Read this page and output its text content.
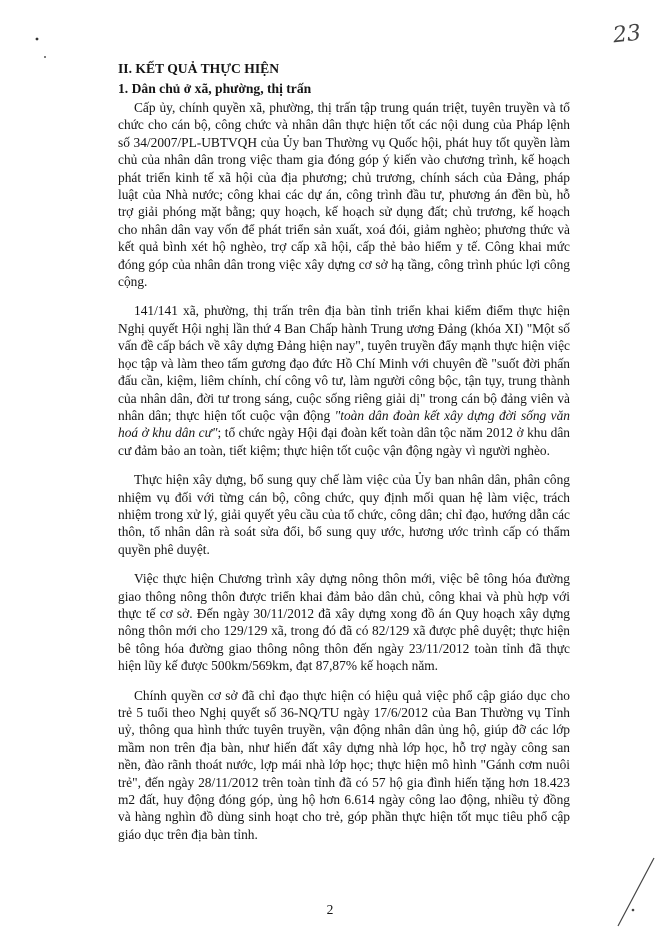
23
II. KẾT QUẢ THỰC HIỆN
1. Dân chủ ở xã, phường, thị trấn

Cấp ủy, chính quyền xã, phường, thị trấn tập trung quán triệt, tuyên truyền và tổ chức cho cán bộ, công chức và nhân dân thực hiện tốt các nội dung của Pháp lệnh số 34/2007/PL-UBTVQH của Ủy ban Thường vụ Quốc hội, phát huy tốt quyền làm chủ của nhân dân trong việc tham gia đóng góp ý kiến vào chương trình, kế hoạch phát triển kinh tế xã hội của địa phương; chủ trương, chính sách của Đảng, pháp luật của Nhà nước; công khai các dự án, công trình đầu tư, phương án đền bù, hỗ trợ giải phóng mặt bằng; quy hoạch, kế hoạch sử dụng đất; chủ trương, kế hoạch cho nhân dân vay vốn để phát triển sản xuất, xoá đói, giảm nghèo; phương thức và kết quả bình xét hộ nghèo, trợ cấp xã hội, cấp thẻ bảo hiểm y tế. Công khai mức đóng góp của nhân dân trong việc xây dựng cơ sở hạ tầng, công trình phúc lợi công cộng.

141/141 xã, phường, thị trấn trên địa bàn tỉnh triển khai kiểm điểm thực hiện Nghị quyết Hội nghị lần thứ 4 Ban Chấp hành Trung ương Đảng (khóa XI) "Một số vấn đề cấp bách về xây dựng Đảng hiện nay", tuyên truyền đẩy mạnh thực hiện việc học tập và làm theo tấm gương đạo đức Hồ Chí Minh với chuyên đề "suốt đời phấn đấu cần, kiệm, liêm chính, chí công vô tư, làm người công bộc, tận tụy, trung thành của nhân dân, đời tư trong sáng, cuộc sống riêng giải dị" trong cán bộ đảng viên và nhân dân; thực hiện tốt cuộc vận động "toàn dân đoàn kết xây dựng đời sống văn hoá ở khu dân cư"; tổ chức ngày Hội đại đoàn kết toàn dân tộc năm 2012 ở khu dân cư đảm bảo an toàn, tiết kiệm; thực hiện tốt cuộc vận động ngày vì người nghèo.

Thực hiện xây dựng, bổ sung quy chế làm việc của Ủy ban nhân dân, phân công nhiệm vụ đối với từng cán bộ, công chức, quy định mối quan hệ làm việc, trách nhiệm trong xử lý, giải quyết yêu cầu của tổ chức, công dân; chỉ đạo, hướng dẫn các thôn, tổ nhân dân rà soát sửa đổi, bổ sung quy ước, hương ước trình cấp có thẩm quyền phê duyệt.

Việc thực hiện Chương trình xây dựng nông thôn mới, việc bê tông hóa đường giao thông nông thôn được triển khai đảm bảo dân chủ, công khai và phù hợp với thực tế cơ sở. Đến ngày 30/11/2012 đã xây dựng xong đồ án Quy hoạch xây dựng nông thôn mới cho 129/129 xã, trong đó đã có 82/129 xã được phê duyệt; thực hiện bê tông hóa đường giao thông nông thôn đến ngày 23/11/2012 toàn tỉnh đã thực hiện lũy kế được 500km/569km, đạt 87,87% kế hoạch năm.

Chính quyền cơ sở đã chỉ đạo thực hiện có hiệu quả việc phổ cập giáo dục cho trẻ 5 tuổi theo Nghị quyết số 36-NQ/TU ngày 17/6/2012 của Ban Thường vụ Tỉnh uỷ, thông qua hình thức tuyên truyền, vận động nhân dân ủng hộ, giúp đỡ các lớp mầm non trên địa bàn, như hiến đất xây dựng nhà lớp học, hỗ trợ ngày công san nền, đào rãnh thoát nước, lợp mái nhà lớp học; thực hiện mô hình "Gánh cơm nuôi trẻ", đến ngày 28/11/2012 trên toàn tỉnh đã có 57 hộ gia đình hiến tặng hơn 18.423 m2 đất, huy động đóng góp, ủng hộ hơn 6.614 ngày công lao động, nhiều tỷ đồng và hàng nghìn đồ dùng sinh hoạt cho trẻ, góp phần thực hiện tốt mục tiêu phổ cập giáo dục trên địa bàn tỉnh.

2
